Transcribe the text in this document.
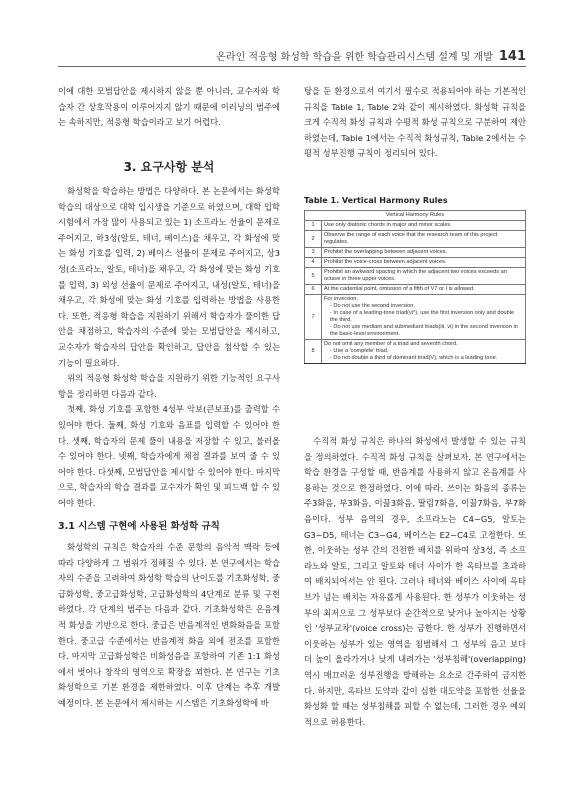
온라인 적응형 화성학 학습을 위한 학습관리시스템 설계 및 개발 141

이에 대한 모범답안을 제시하지 않을 뿐 아니라, 교수자와 학습자 간 상호작용이 이루어지지 않기 때문에 이러닝의 범주에는 속하지만, 적응형 학습이라고 보기 어렵다.

3. 요구사항 분석

화성학을 학습하는 방법은 다양하다. 본 논문에서는 화성학 학습의 대상으로 대학 입시생을 기준으로 하였으며, 대학 입학시험에서 가장 많이 사용되고 있는 1) 소프라노 선율이 문제로 주어지고, 하3성(알토, 테너, 베이스)을 채우고, 각 화성에 맞는 화성 기호를 입력, 2) 베이스 선율이 문제로 주어지고, 상3성(소프라노, 알토, 테너)을 채우고, 각 화성에 맞는 화성 기호를 입력, 3) 외성 선율이 문제로 주어지고, 내성(알토, 테너)을 채우고, 각 화성에 맞는 화성 기호를 입력하는 방법을 사용한다. 또한, 적응형 학습을 지원하기 위해서 학습자가 풀이한 답안을 채점하고, 학습자의 수준에 맞는 모범답안을 제시하고, 교수자가 학습자의 답안을 확인하고, 답안을 첨삭할 수 있는 기능이 필요하다.

위의 적응형 화성학 학습을 지원하기 위한 기능적인 요구사항을 정리하면 다음과 같다.

첫째, 화성 기호를 포함한 4성부 악보(큰보표)를 출력할 수 있어야 한다. 둘째, 화성 기호와 음표를 입력할 수 있어야 한다. 셋째, 학습자의 문제 풀이 내용을 저장할 수 있고, 불러올 수 있어야 한다. 넷째, 학습자에게 채점 결과를 보여 줄 수 있어야 한다. 다섯째, 모범답안을 제시할 수 있어야 한다. 마지막으로, 학습자의 학습 결과를 교수자가 확인 및 피드백 할 수 있어야 한다.

3.1 시스템 구현에 사용된 화성학 규칙

화성학의 규칙은 학습자의 수준 문항의 음악적 맥락 등에 따라 다양하게 그 범위가 정해질 수 있다. 본 연구에서는 학습자의 수준을 고려하여 화성학 학습의 난이도를 기초화성학, 중급화성학, 중고급화성학, 고급화성학의 4단계로 분류 및 구현하였다. 각 단계의 범주는 다음과 같다. 기초화성학은 온음계적 화성을 기반으로 한다. 중급은 반음계적인 변화화음을 포함한다. 중고급 수준에서는 반음계적 화음 외에 전조를 포함한다. 마지막 고급화성학은 비화성음을 포함하여 기존 1:1 화성에서 벗어나 창작의 영역으로 확장을 꾀한다. 본 연구는 기초 화성학으로 기본 환경을 제한하였다. 이후 단계는 추후 개발 예정이다. 본 논문에서 제시하는 시스템은 기초화성학에 바

탕을 둔 환경으로서 여기서 필수로 적용되어야 하는 기본적인 규칙을 Table 1, Table 2와 같이 제시하였다. 화성학 규칙을 크게 수직적 화성 규칙과 수평적 화성 규칙으로 구분하여 제안하였는데, Table 1에서는 수직적 화성규칙, Table 2에서는 수평적 성부진행 규칙이 정리되어 있다.

Table 1. Vertical Harmony Rules
Vertical Harmony Rules	
1	Use only diatonic chords in major and minor scales.

2	Observe the range of each voice that the research team of this project regulates.

3	Prohibit the overlapping between adjacent voices.

4	Prohibit the voice-cross between adjacent voices.

5	Prohibit an awkward spacing in which the adjacent two voices exceeds an octave in three upper voices.

6	At the cadential point, omission of a fifth of V7 or I is allowed.

7	For inversion,
- Do not use the second inversion.
- In case of a leading-tone triad(vi°), use the first inversion only and double the third.
- Do not use mediant and submediant triads(iii, vi) in the second inversion in the basic-level environment.

8	Do not omit any member of a triad and seventh chord.
- Use a 'complete' triad.
- Do not double a third of dominant triad(V), which is a leading tone.

수직적 화성 규칙은 하나의 화성에서 발생할 수 있는 규칙을 정의하였다. 수직적 화성 규칙을 살펴보자. 본 연구에서는 학습 환경을 구성할 때, 반음계를 사용하지 않고 온음계를 사용하는 것으로 한정하였다. 이에 따라, 쓰이는 화음의 종류는 주3화음, 부3화음, 이끎3화음, 딸림7화음, 이끎7화음, 부7화음이다. 성부 음역의 경우, 소프라노는 C4~G5, 알토는 G3~D5, 테너는 C3~G4, 베이스는 E2~C4로 고정한다. 또한, 이웃하는 성부 간의 건전한 배치를 위하여 상3성, 즉 소프라노와 알토, 그리고 알토와 테너 사이가 한 옥타브를 초과하여 배치되어서는 안 된다. 그러나 테너와 베이스 사이에 옥타브가 넘는 배치는 자유롭게 사용된다. 한 성부가 이웃하는 성부의 최저으로 그 성부보다 순간적으로 낮거나 높아지는 상황인 '성부교차'(voice cross)는 금한다. 한 성부가 진행하면서 이웃하는 성부가 있는 영역을 침범해서 그 성부의 음고 보다 더 높이 올라가거나 낮게 내려가는 '성부침해'(overlapping) 역시 매끄러운 성부진행을 방해하는 요소로 간주하여 금지한다. 하지만, 옥타브 도약과 같이 심한 대도약을 포함한 선율을 화성화 할 때는 성부침해를 피할 수 없는데, 그러한 경우 예외적으로 허용한다.
